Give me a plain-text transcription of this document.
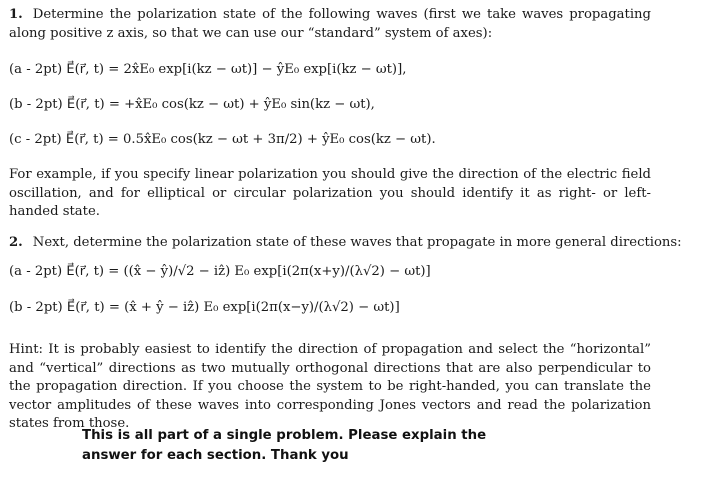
1. Determine the polarization state of the following waves (first we take waves propagating along positive z axis, so that we can use our “standard” system of axes):
(a - 2pt) E⃗(r⃗, t) = 2x̂E₀ exp[i(kz − ωt)] − ŷE₀ exp[i(kz − ωt)],
(b - 2pt) E⃗(r⃗, t) = +x̂E₀ cos(kz − ωt) + ŷE₀ sin(kz − ωt),
(c - 2pt) E⃗(r⃗, t) = 0.5x̂E₀ cos(kz − ωt + 3π/2) + ŷE₀ cos(kz − ωt).
For example, if you specify linear polarization you should give the direction of the electric field oscillation, and for elliptical or circular polarization you should identify it as right- or left-handed state.
2. Next, determine the polarization state of these waves that propagate in more general directions:
(a - 2pt) E⃗(r⃗, t) = ((x̂ − ŷ)/√2 − iẑ) E₀ exp[i(2π(x+y)/(λ√2) − ωt)]
(b - 2pt) E⃗(r⃗, t) = (x̂ + ŷ − iẑ) E₀ exp[i(2π(x−y)/(λ√2) − ωt)]
Hint: It is probably easiest to identify the direction of propagation and select the “horizontal” and “vertical” directions as two mutually orthogonal directions that are also perpendicular to the propagation direction. If you choose the system to be right-handed, you can translate the vector amplitudes of these waves into corresponding Jones vectors and read the polarization states from those.
This is all part of a single problem. Please explain the answer for each section. Thank you
